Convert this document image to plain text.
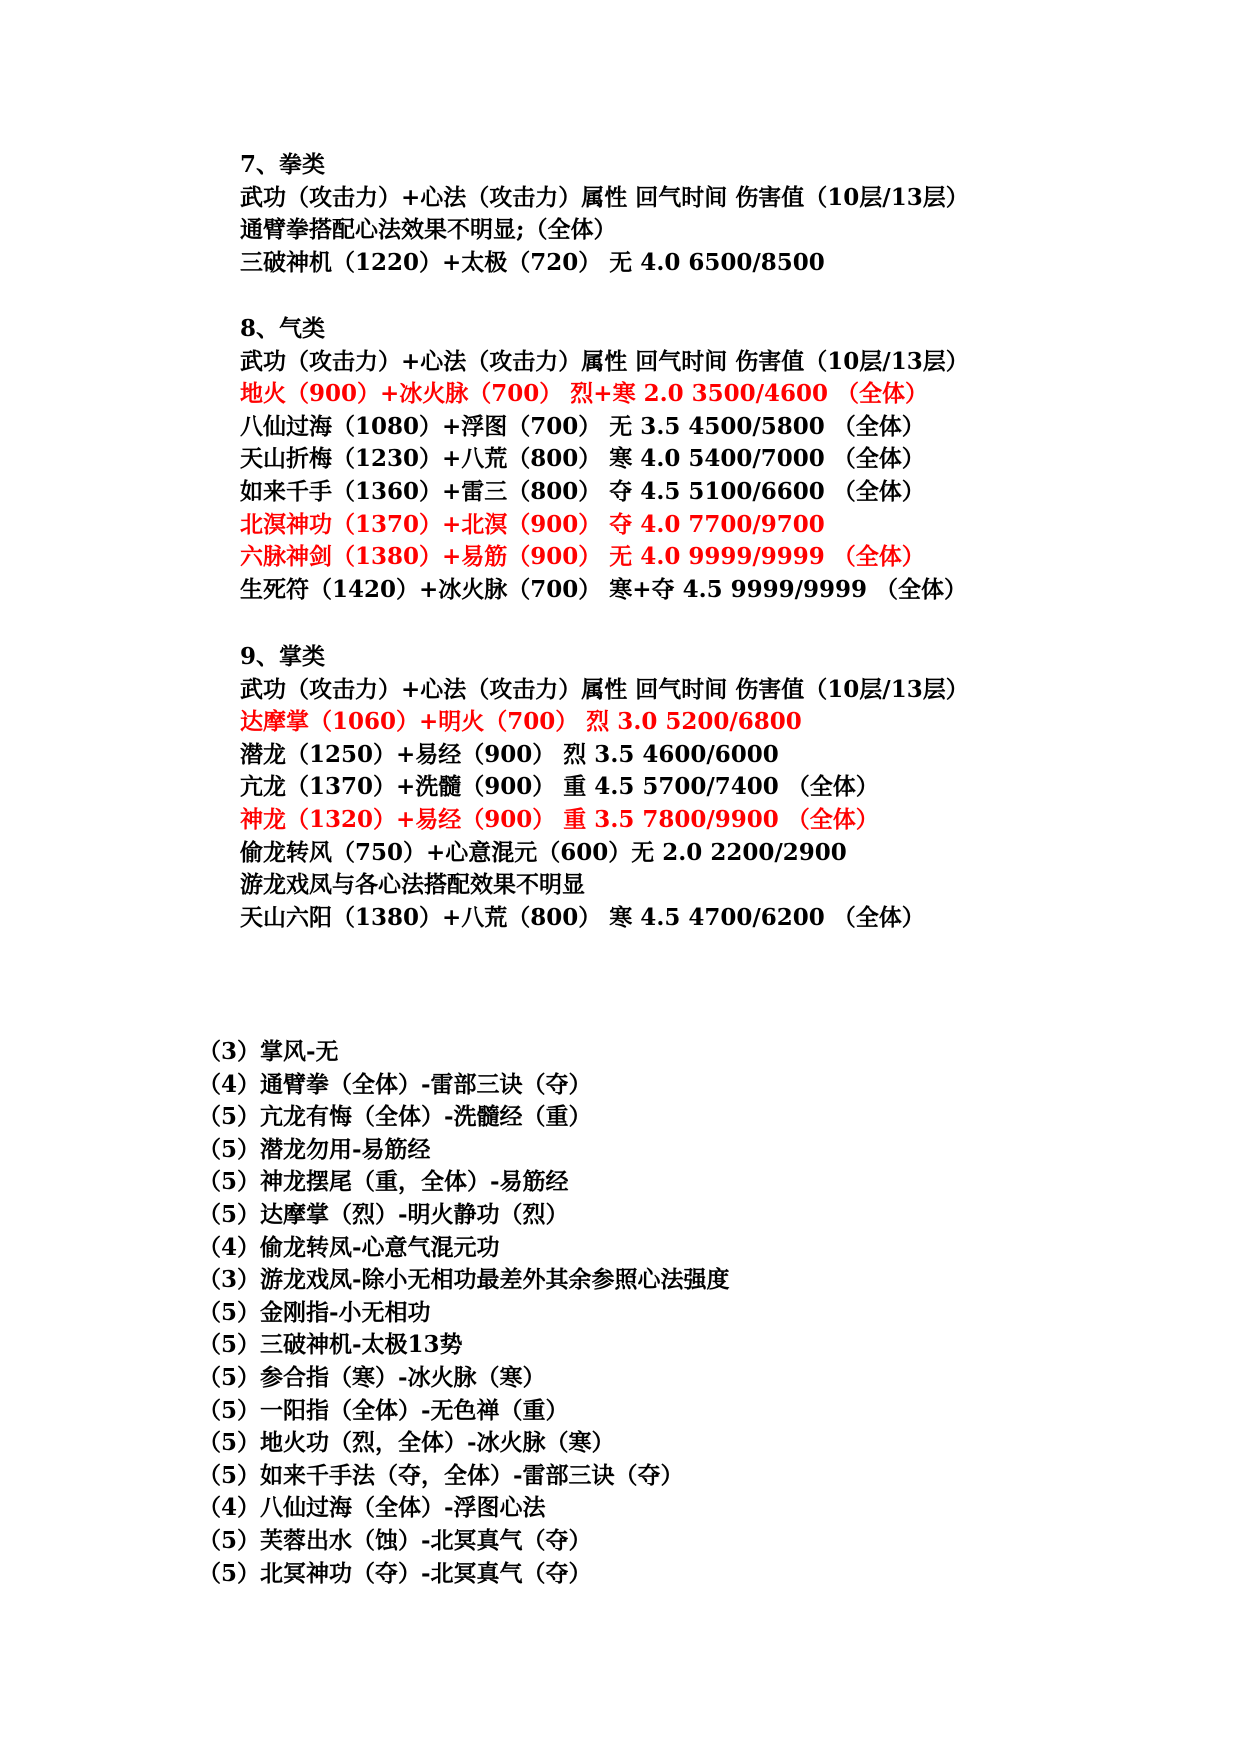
7、拳类
武功（攻击力）+心法（攻击力）属性 回气时间 伤害值（10层/13层）
通臂拳搭配心法效果不明显;（全体）
三破神机（1220）+太极（720） 无 4.0 6500/8500
8、气类
武功（攻击力）+心法（攻击力）属性 回气时间 伤害值（10层/13层）
地火（900）+冰火脉（700） 烈+寒 2.0 3500/4600 （全体）
八仙过海（1080）+浮图（700） 无 3.5 4500/5800 （全体）
天山折梅（1230）+八荒（800） 寒 4.0 5400/7000 （全体）
如来千手（1360）+雷三（800） 夺 4.5 5100/6600 （全体）
北溟神功（1370）+北溟（900） 夺 4.0 7700/9700
六脉神剑（1380）+易筋（900） 无 4.0 9999/9999 （全体）
生死符（1420）+冰火脉（700） 寒+夺 4.5 9999/9999 （全体）
9、掌类
武功（攻击力）+心法（攻击力）属性 回气时间 伤害值（10层/13层）
达摩掌（1060）+明火（700） 烈 3.0 5200/6800
潜龙（1250）+易经（900） 烈 3.5 4600/6000
亢龙（1370）+洗髓（900） 重 4.5 5700/7400 （全体）
神龙（1320）+易经（900） 重 3.5 7800/9900 （全体）
偷龙转风（750）+心意混元（600）无 2.0 2200/2900
游龙戏凤与各心法搭配效果不明显
天山六阳（1380）+八荒（800） 寒 4.5 4700/6200 （全体）
（3）掌风-无
（4）通臂拳（全体）-雷部三诀（夺）
（5）亢龙有悔（全体）-洗髓经（重）
（5）潜龙勿用-易筋经
（5）神龙摆尾（重，全体）-易筋经
（5）达摩掌（烈）-明火静功（烈）
（4）偷龙转凤-心意气混元功
（3）游龙戏凤-除小无相功最差外其余参照心法强度
（5）金刚指-小无相功
（5）三破神机-太极13势
（5）参合指（寒）-冰火脉（寒）
（5）一阳指（全体）-无色禅（重）
（5）地火功（烈，全体）-冰火脉（寒）
（5）如来千手法（夺，全体）-雷部三诀（夺）
（4）八仙过海（全体）-浮图心法
（5）芙蓉出水（蚀）-北冥真气（夺）
（5）北冥神功（夺）-北冥真气（夺）
